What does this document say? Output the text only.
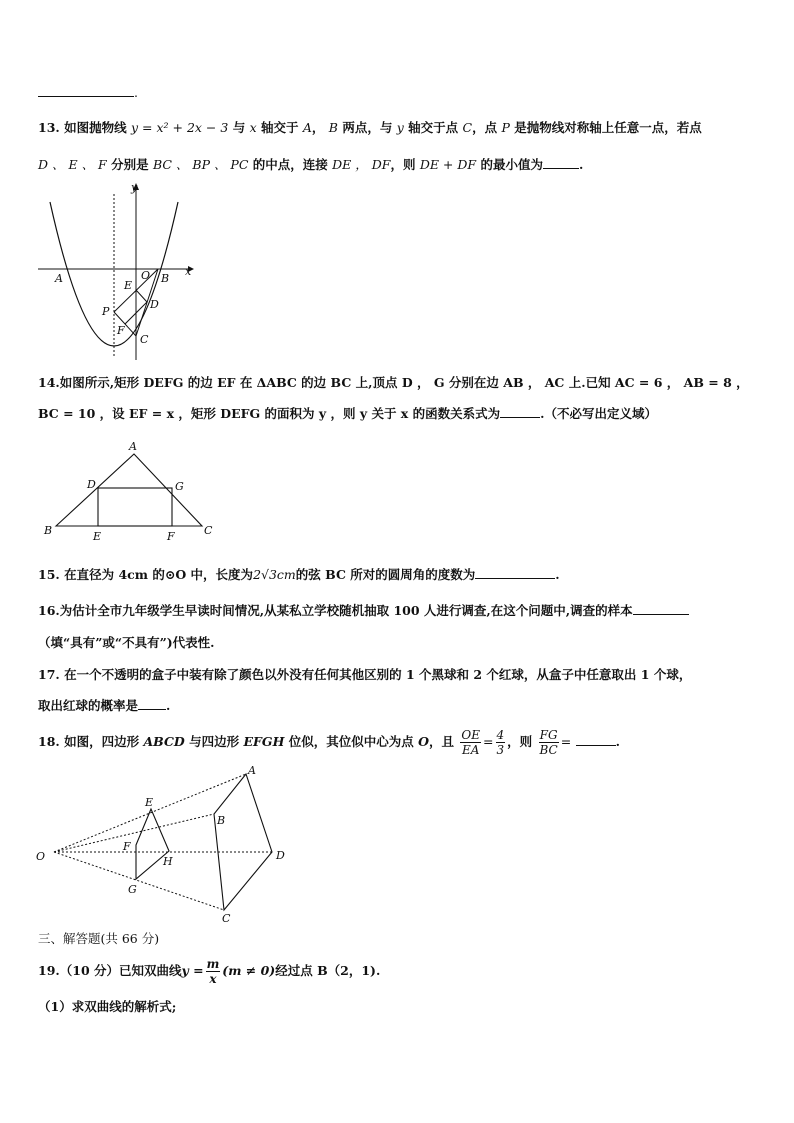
.
13. 如图抛物线 y = x² + 2x − 3 与 x 轴交于 A， B 两点，与 y 轴交于点 C，点 P 是抛物线对称轴上任意一点，若点
D 、 E 、 F 分别是 BC 、 BP 、 PC 的中点，连接 DE ， DF，则 DE + DF 的最小值为	.
y
x
A	O B
E
D
P
F
C
14.如图所示,矩形 DEFG 的边 EF 在 ΔABC 的边 BC 上,顶点 D ， G 分别在边 AB ， AC 上.已知 AC = 6 ， AB = 8 ，
BC = 10 ，设 EF = x ，矩形 DEFG 的面积为 y ，则 y 关于 x 的函数关系式为	.（不必写出定义域）
A
B	C
D	G
E	F
15. 在直径为 4cm 的⊙O 中，长度为2√3cm的弦 BC 所对的圆周角的度数为	.
16.为估计全市九年级学生早读时间情况,从某私立学校随机抽取 100 人进行调查,在这个问题中,调查的样本
（填“具有”或“不具有”)代表性.
17. 在一个不透明的盒子中装有除了颜色以外没有任何其他区别的 1 个黑球和 2 个红球，从盒子中任意取出 1 个球，
取出红球的概率是 .
18. 如图，四边形 ABCD 与四边形 EFGH 位似，其位似中心为点 O，且 $\frac{OE}{EA} = \frac{4}{3}$ ，则 $\frac{FG}{BC}$ =	.
O
A
B
D
C
E
F
H
G
三、解答题(共 66 分)
19.（10 分）已知双曲线$y = \frac{m}{x} (m \ne 0)$经过点 B（2，1).
（1）求双曲线的解析式;
